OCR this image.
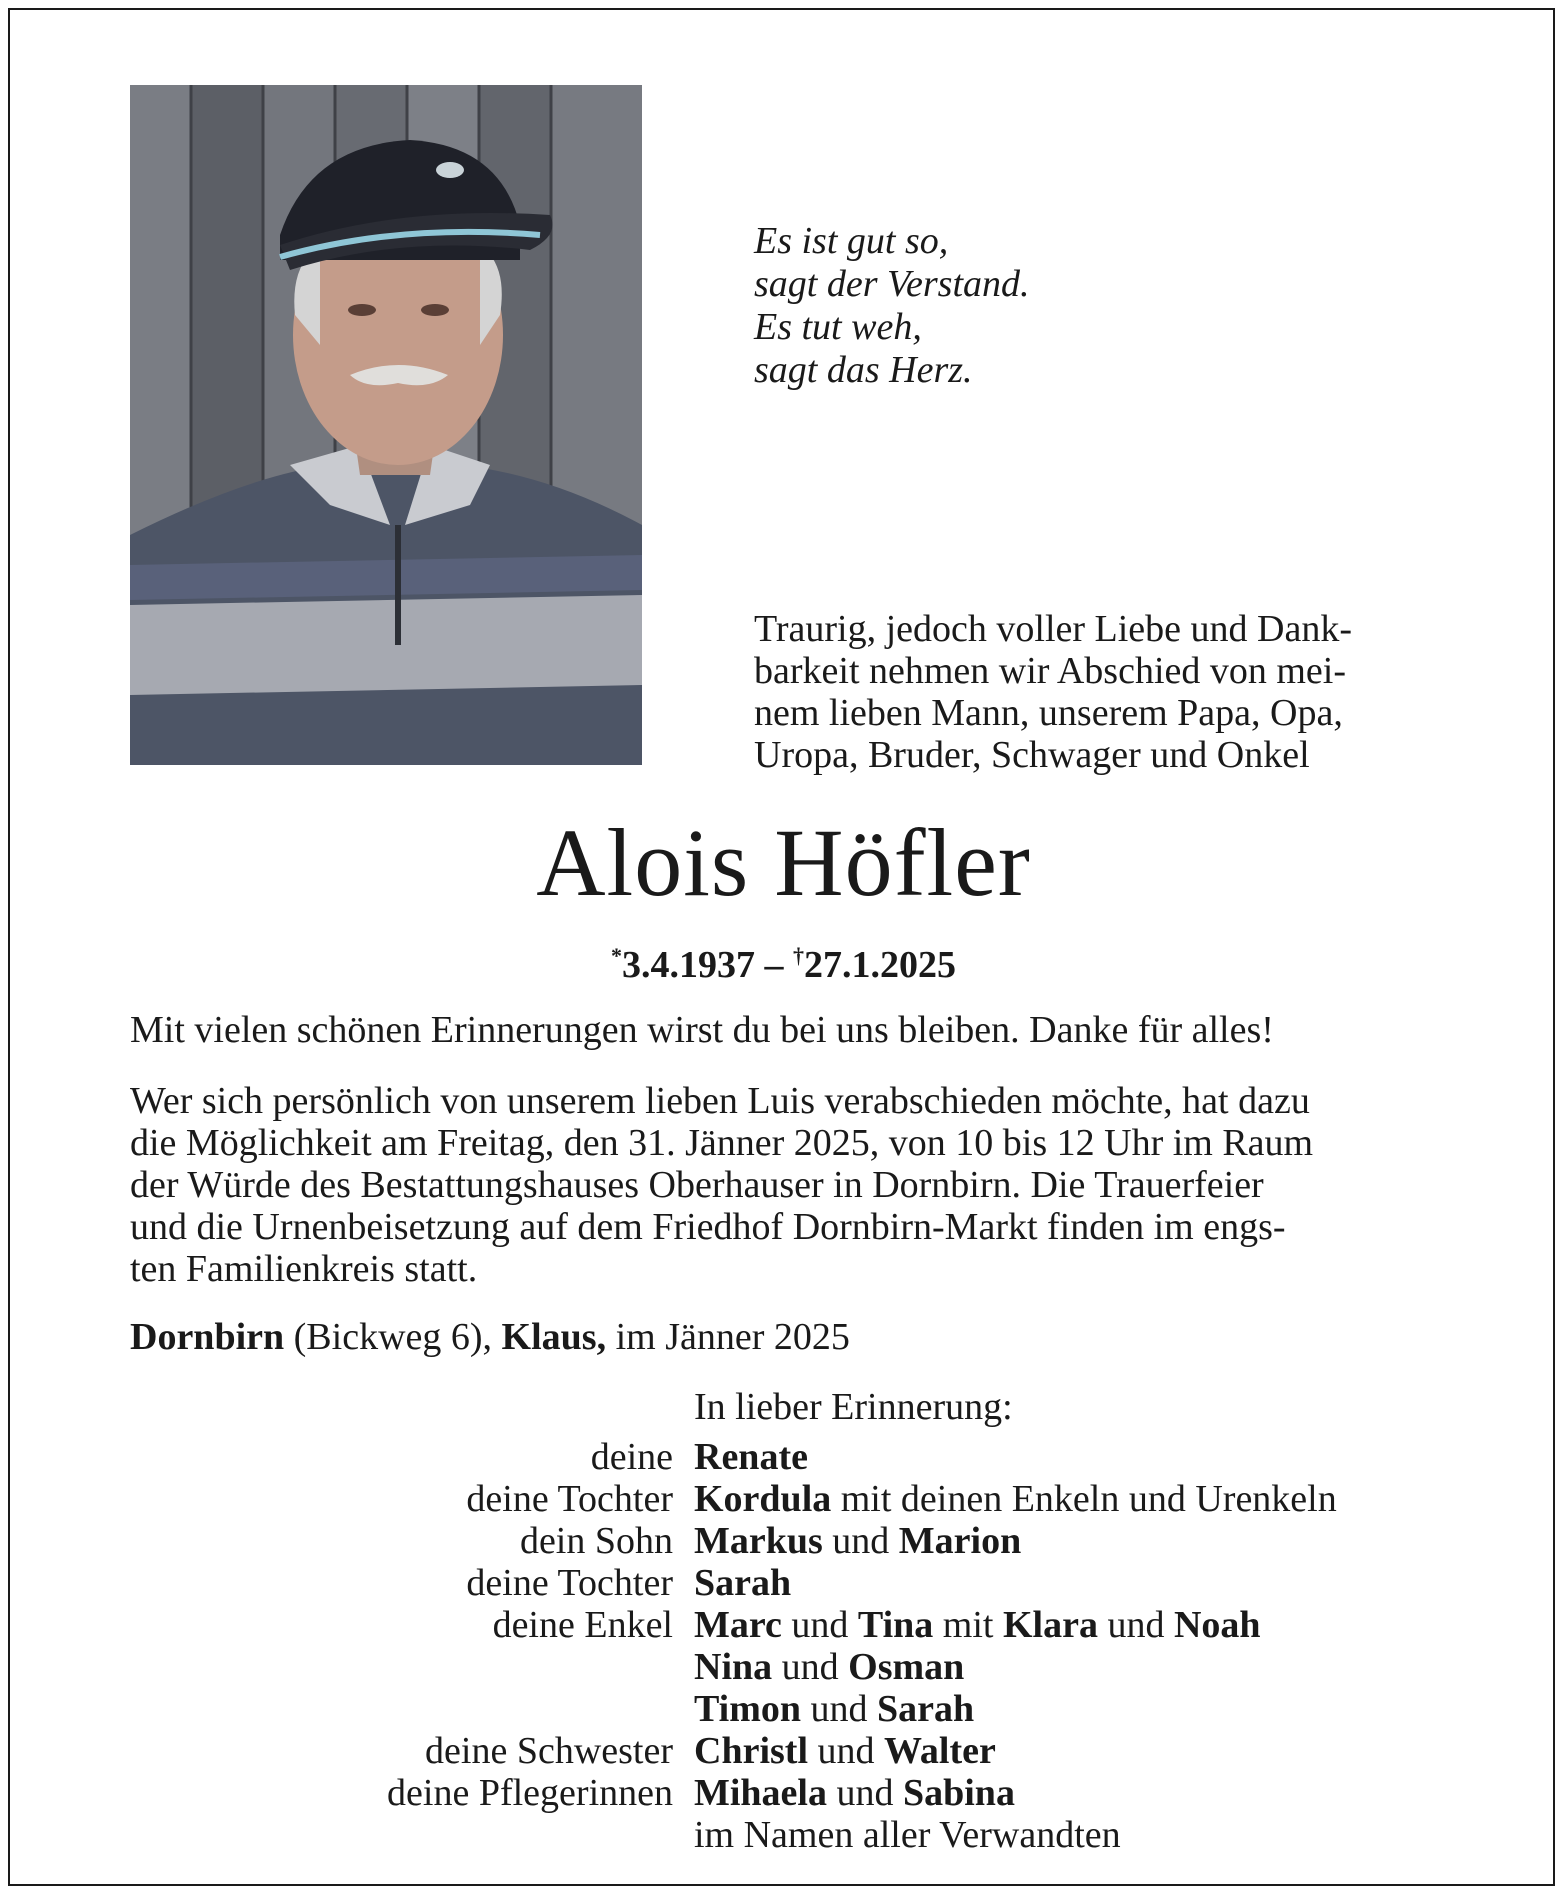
Es ist gut so,
sagt der Verstand.
Es tut weh,
sagt das Herz.
Traurig, jedoch voller Liebe und Dank-
barkeit nehmen wir Abschied von mei-
nem lieben Mann, unserem Papa, Opa,
Uropa, Bruder, Schwager und Onkel
Alois Höfler
*3.4.1937 – †27.1.2025
Mit vielen schönen Erinnerungen wirst du bei uns bleiben. Danke für alles!
Wer sich persönlich von unserem lieben Luis verabschieden möchte, hat dazu
die Möglichkeit am Freitag, den 31. Jänner 2025, von 10 bis 12 Uhr im Raum
der Würde des Bestattungshauses Oberhauser in Dornbirn. Die Trauerfeier
und die Urnenbeisetzung auf dem Friedhof Dornbirn-Markt finden im engs-
ten Familienkreis statt.
Dornbirn (Bickweg 6), Klaus, im Jänner 2025
In lieber Erinnerung:
deine Renate
deine Tochter Kordula mit deinen Enkeln und Urenkeln
dein Sohn Markus und Marion
deine Tochter Sarah
deine Enkel Marc und Tina mit Klara und Noah
Nina und Osman
Timon und Sarah
deine Schwester Christl und Walter
deine Pflegerinnen Mihaela und Sabina
im Namen aller Verwandten
